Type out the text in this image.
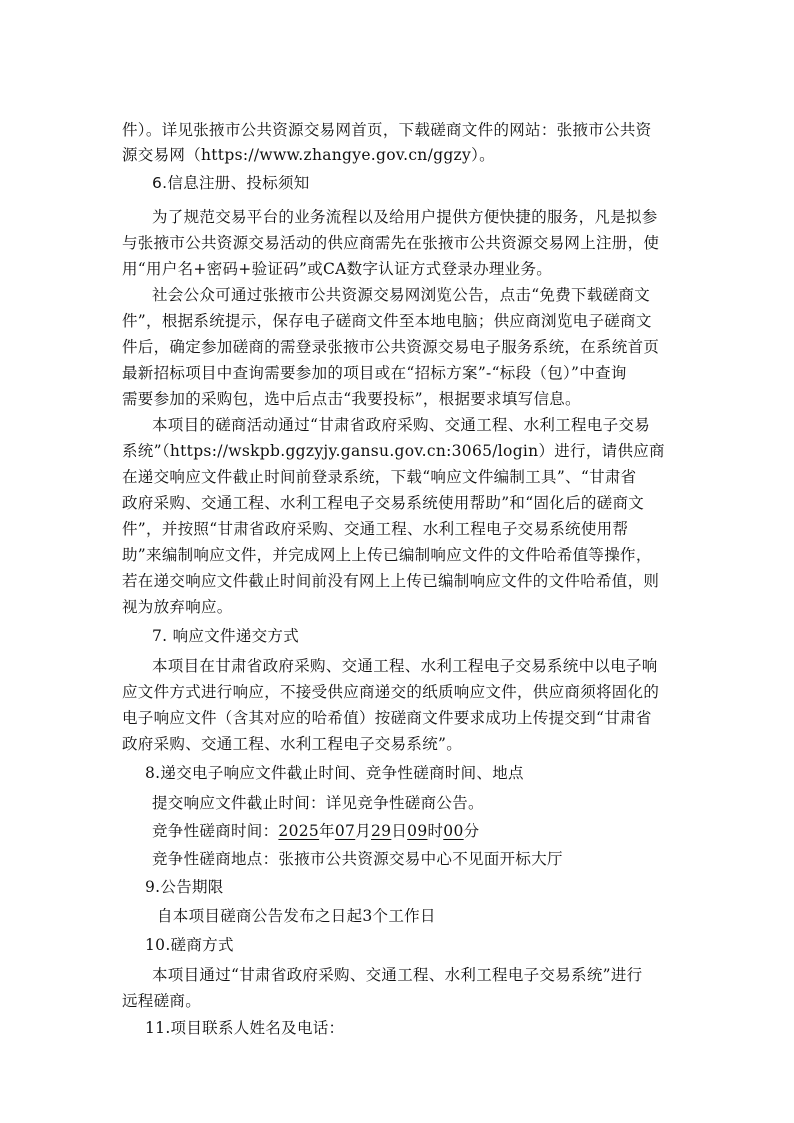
件）。详见张掖市公共资源交易网首页，下载磋商文件的网站：张掖市公共资
源交易网（https://www.zhangye.gov.cn/ggzy）。
6.信息注册、投标须知
为了规范交易平台的业务流程以及给用户提供方便快捷的服务，凡是拟参
与张掖市公共资源交易活动的供应商需先在张掖市公共资源交易网上注册，使
用“用户名+密码+验证码”或CA数字认证方式登录办理业务。
社会公众可通过张掖市公共资源交易网浏览公告，点击“免费下载磋商文
件”，根据系统提示，保存电子磋商文件至本地电脑；供应商浏览电子磋商文
件后，确定参加磋商的需登录张掖市公共资源交易电子服务系统，在系统首页
最新招标项目中查询需要参加的项目或在“招标方案”-“标段（包）”中查询
需要参加的采购包，选中后点击“我要投标”，根据要求填写信息。
本项目的磋商活动通过“甘肃省政府采购、交通工程、水利工程电子交易
系统”（https://wskpb.ggzyjy.gansu.gov.cn:3065/login）进行，请供应商
在递交响应文件截止时间前登录系统，下载“响应文件编制工具”、“甘肃省
政府采购、交通工程、水利工程电子交易系统使用帮助”和“固化后的磋商文
件”，并按照“甘肃省政府采购、交通工程、水利工程电子交易系统使用帮
助”来编制响应文件，并完成网上上传已编制响应文件的文件哈希值等操作，
若在递交响应文件截止时间前没有网上上传已编制响应文件的文件哈希值，则
视为放弃响应。
7. 响应文件递交方式
本项目在甘肃省政府采购、交通工程、水利工程电子交易系统中以电子响
应文件方式进行响应，不接受供应商递交的纸质响应文件，供应商须将固化的
电子响应文件（含其对应的哈希值）按磋商文件要求成功上传提交到“甘肃省
政府采购、交通工程、水利工程电子交易系统”。
8.递交电子响应文件截止时间、竞争性磋商时间、地点
提交响应文件截止时间：详见竞争性磋商公告。
竞争性磋商时间：2025年07月29日09时00分
竞争性磋商地点：张掖市公共资源交易中心不见面开标大厅
9.公告期限
自本项目磋商公告发布之日起3个工作日
10.磋商方式
本项目通过“甘肃省政府采购、交通工程、水利工程电子交易系统”进行
远程磋商。
11.项目联系人姓名及电话：
